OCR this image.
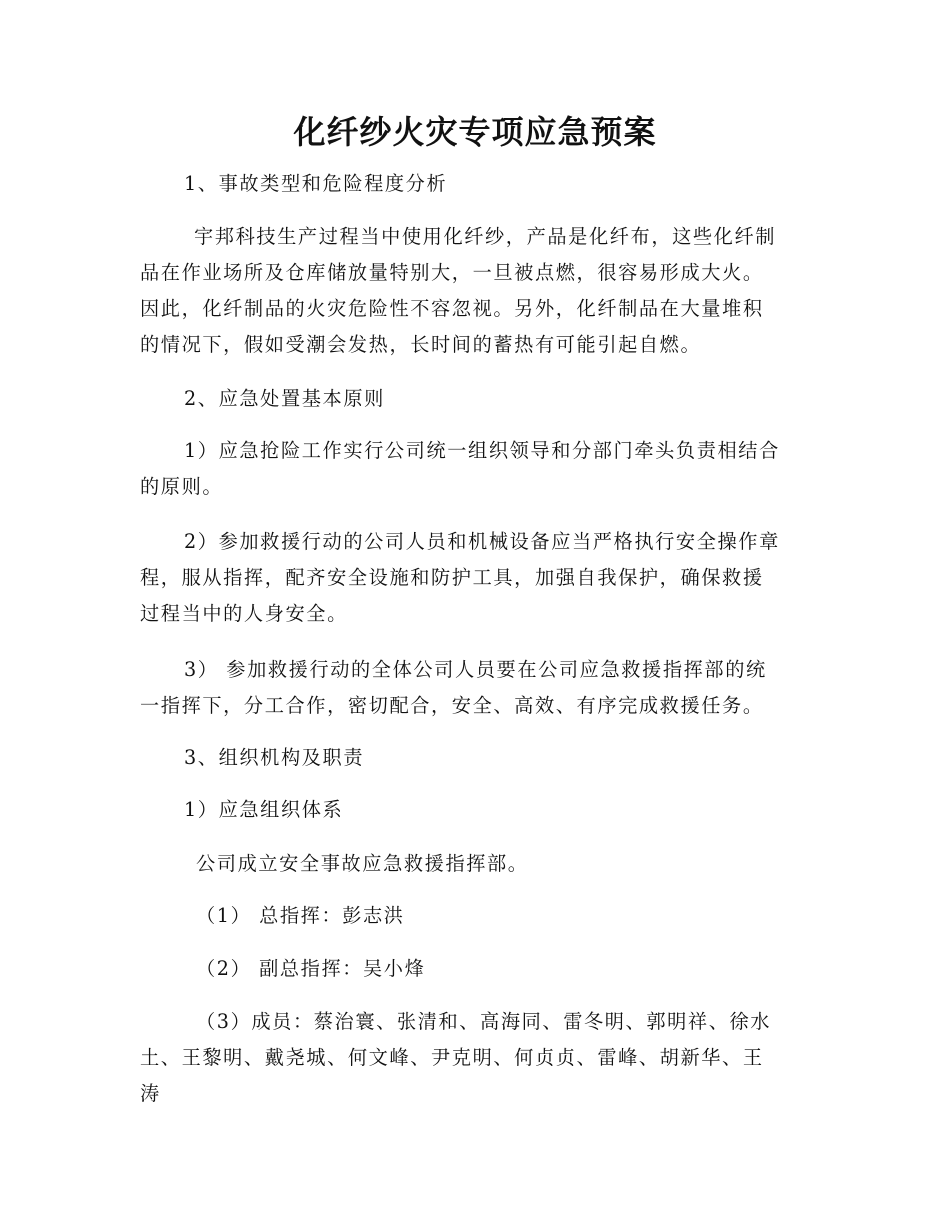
化纤纱火灾专项应急预案
1、事故类型和危险程度分析
宇邦科技生产过程当中使用化纤纱，产品是化纤布，这些化纤制
品在作业场所及仓库储放量特别大，一旦被点燃，很容易形成大火。
因此，化纤制品的火灾危险性不容忽视。另外，化纤制品在大量堆积
的情况下，假如受潮会发热，长时间的蓄热有可能引起自燃。
2、应急处置基本原则
1）应急抢险工作实行公司统一组织领导和分部门牵头负责相结合
的原则。
2）参加救援行动的公司人员和机械设备应当严格执行安全操作章
程，服从指挥，配齐安全设施和防护工具，加强自我保护，确保救援
过程当中的人身安全。
3） 参加救援行动的全体公司人员要在公司应急救援指挥部的统
一指挥下，分工合作，密切配合，安全、高效、有序完成救援任务。
3、组织机构及职责
1）应急组织体系
公司成立安全事故应急救援指挥部。
（1） 总指挥：彭志洪
（2） 副总指挥：吴小烽
（3）成员：蔡治寰、张清和、高海同、雷冬明、郭明祥、徐水
土、王黎明、戴尧城、何文峰、尹克明、何贞贞、雷峰、胡新华、王
涛
